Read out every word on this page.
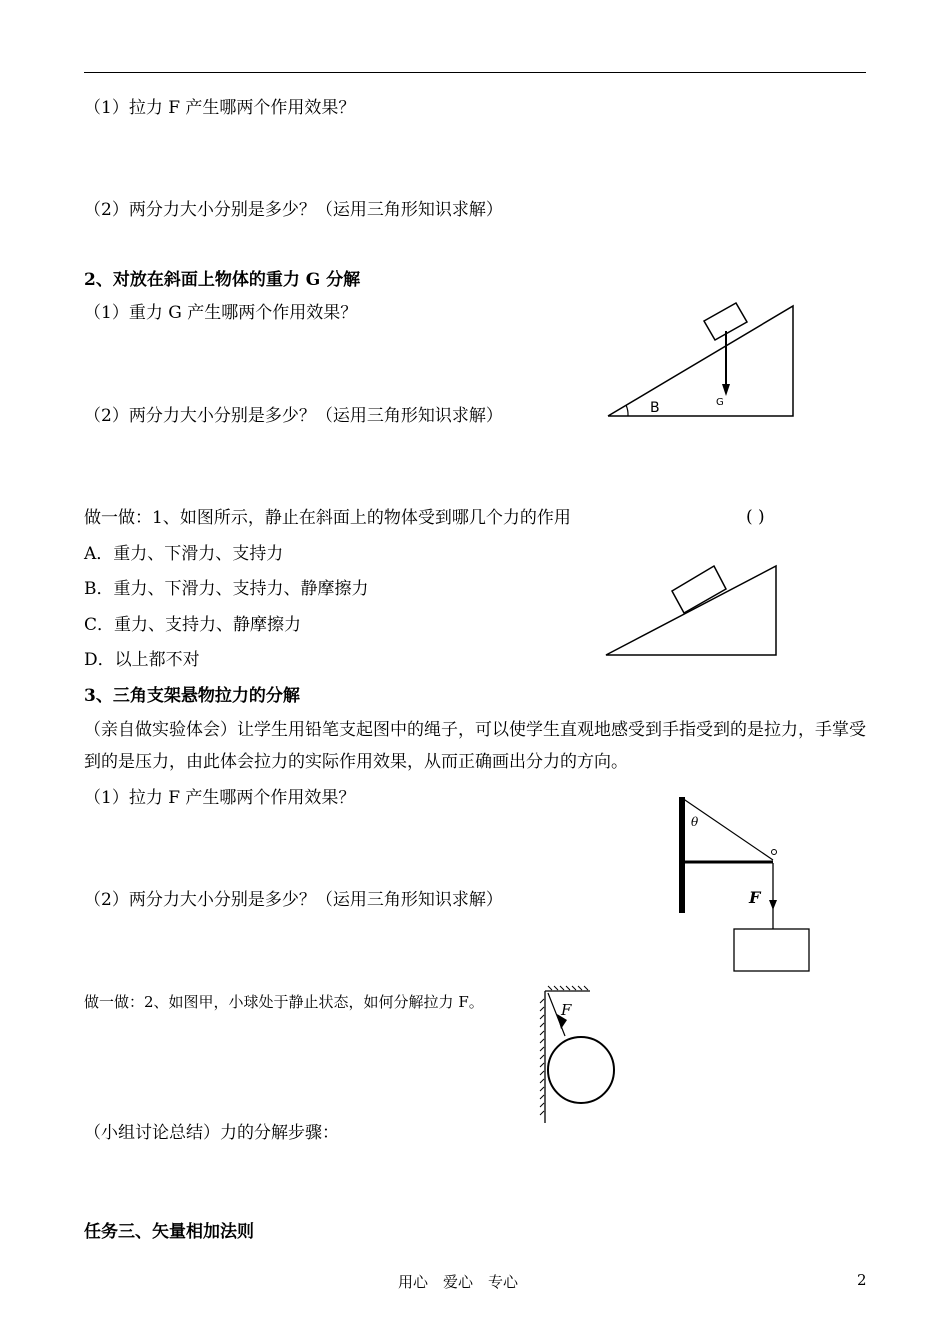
（1）拉力 F 产生哪两个作用效果？
（2）两分力大小分别是多少？（运用三角形知识求解）
2、对放在斜面上物体的重力 G 分解
（1）重力 G 产生哪两个作用效果？
（2）两分力大小分别是多少？（运用三角形知识求解）	B	G
做一做：1、如图所示，静止在斜面上的物体受到哪几个力的作用	( )
A．重力、下滑力、支持力
B．重力、下滑力、支持力、静摩擦力
C．重力、支持力、静摩擦力
D．以上都不对
3、三角支架悬物拉力的分解
（亲自做实验体会）让学生用铅笔支起图中的绳子，可以使学生直观地感受到手指受到的是拉力，手掌受到的是压力，由此体会拉力的实际作用效果，从而正确画出分力的方向。
（1）拉力 F 产生哪两个作用效果？
（2）两分力大小分别是多少？（运用三角形知识求解）
θ
F
做一做：2、如图甲，小球处于静止状态，如何分解拉力 F。	F
（小组讨论总结）力的分解步骤：
任务三、矢量相加法则
用心　爱心　专心	2
